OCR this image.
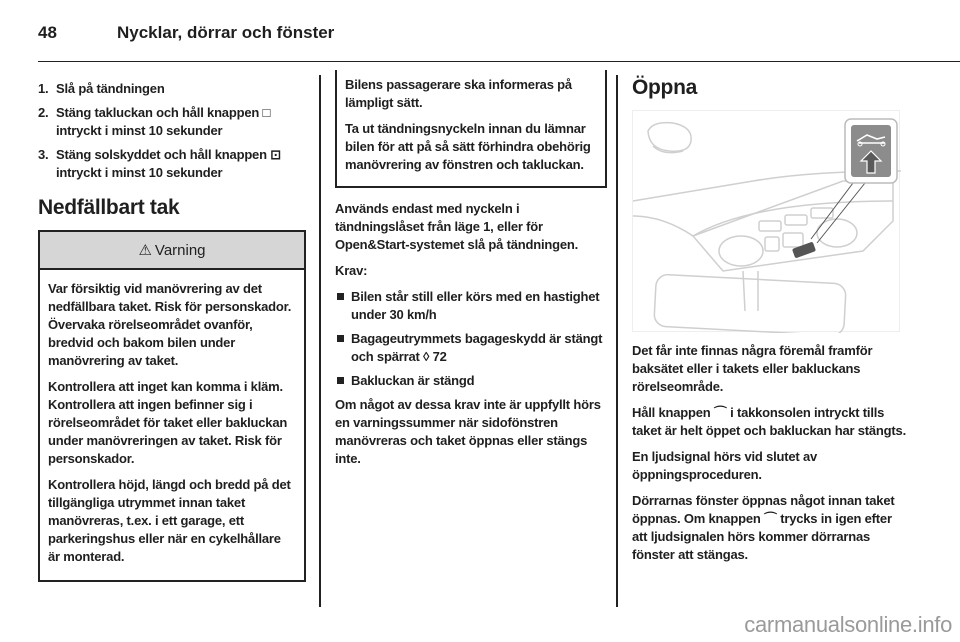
48	Nycklar, dörrar och fönster
1. Slå på tändningen
2. Stäng takluckan och håll knappen □ intryckt i minst 10 sekunder
3. Stäng solskyddet och håll knappen ⊡ intryckt i minst 10 sekunder
Nedfällbart tak
⚠ Varning

Var försiktig vid manövrering av det nedfällbara taket. Risk för personskador. Övervaka rörelseområdet ovanför, bredvid och bakom bilen under manövrering av taket.

Kontrollera att inget kan komma i kläm. Kontrollera att ingen befinner sig i rörelseområdet för taket eller bakluckan under manövreringen av taket. Risk för personskador.

Kontrollera höjd, längd och bredd på det tillgängliga utrymmet innan taket manövreras, t.ex. i ett garage, ett parkeringshus eller när en cykelhållare är monterad.

Bilens passagerare ska informeras på lämpligt sätt.

Ta ut tändningsnyckeln innan du lämnar bilen för att på så sätt förhindra obehörig manövrering av fönstren och takluckan.

Används endast med nyckeln i tändningslåset från läge 1, eller för Open&Start-systemet slå på tändningen.

Krav:

Bilen står still eller körs med en hastighet under 30 km/h
Bagageutrymmets bagageskydd är stängt och spärrat ◊ 72
Bakluckan är stängd

Om något av dessa krav inte är uppfyllt hörs en varningssummer när sidofönstren manövreras och taket öppnas eller stängs inte.

Öppna

Det får inte finnas några föremål framför baksätet eller i takets eller bakluckans rörelseområde.

Håll knappen ⌒ i takkonsolen intryckt tills taket är helt öppet och bakluckan har stängts.

En ljudsignal hörs vid slutet av öppningsproceduren.

Dörrarnas fönster öppnas något innan taket öppnas. Om knappen ⌒ trycks in igen efter att ljudsignalen hörs kommer dörrarnas fönster att stängas.

carmanualsonline.info
